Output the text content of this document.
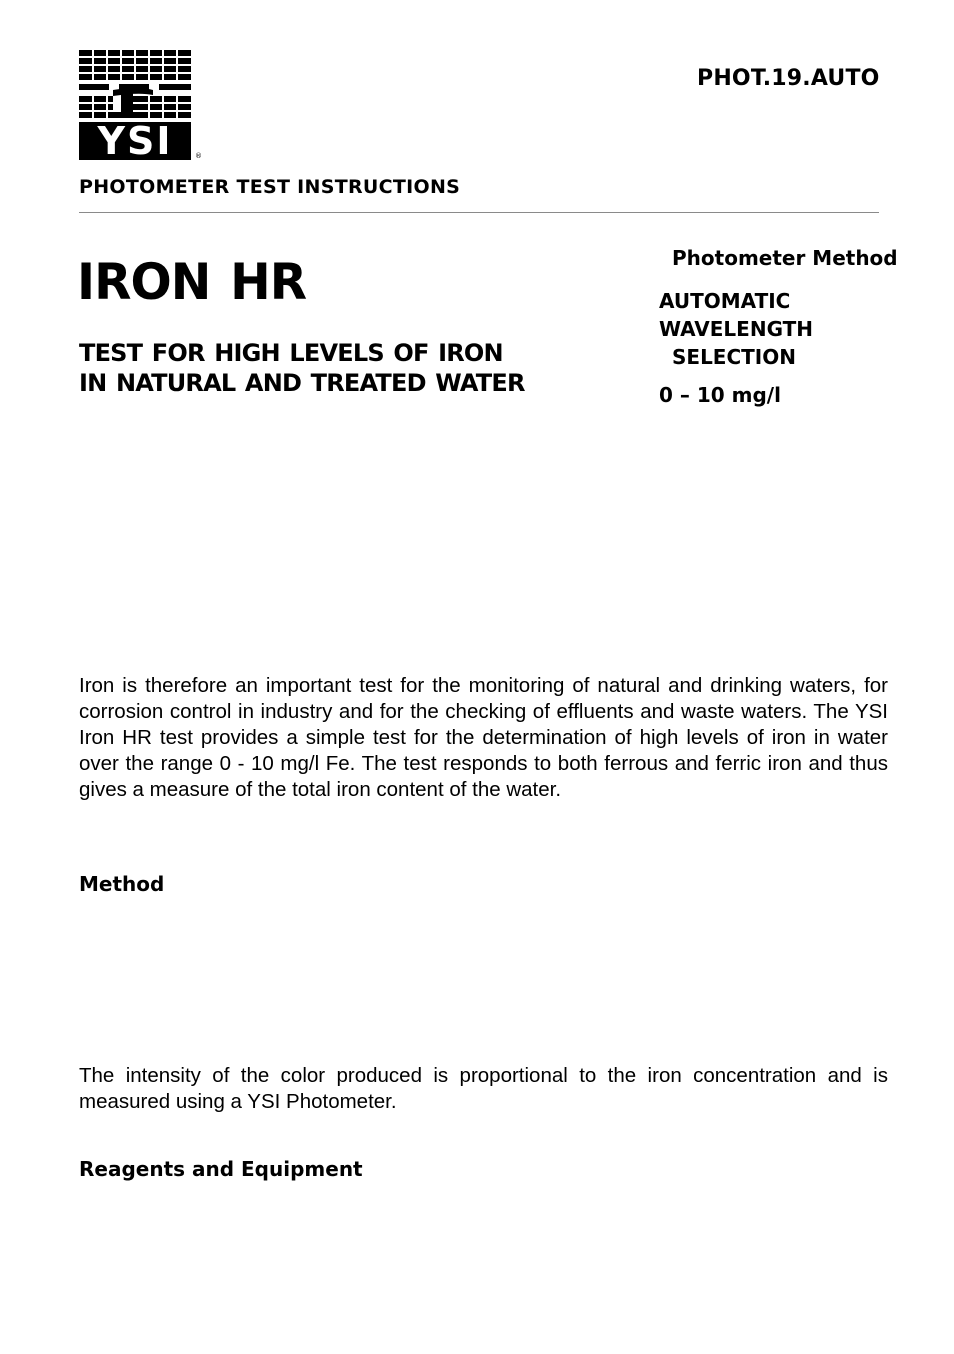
YSI	®
PHOT.19.AUTO
PHOTOMETER TEST INSTRUCTIONS
IRON HR
TEST FOR HIGH LEVELS OF IRON
IN NATURAL AND TREATED WATER
Photometer Method
AUTOMATIC
WAVELENGTH
SELECTION
0 – 10 mg/l
Iron is therefore an important test for the monitoring of natural and drinking waters, for corrosion control in industry and for the checking of effluents and waste waters. The YSI Iron HR test provides a simple test for the determination of high levels of iron in water over the range 0 - 10 mg/l Fe. The test responds to both ferrous and ferric iron and thus gives a measure of the total iron content of the water.
Method
The intensity of the color produced is proportional to the iron concentration and is measured using a YSI Photometer.
Reagents and Equipment
